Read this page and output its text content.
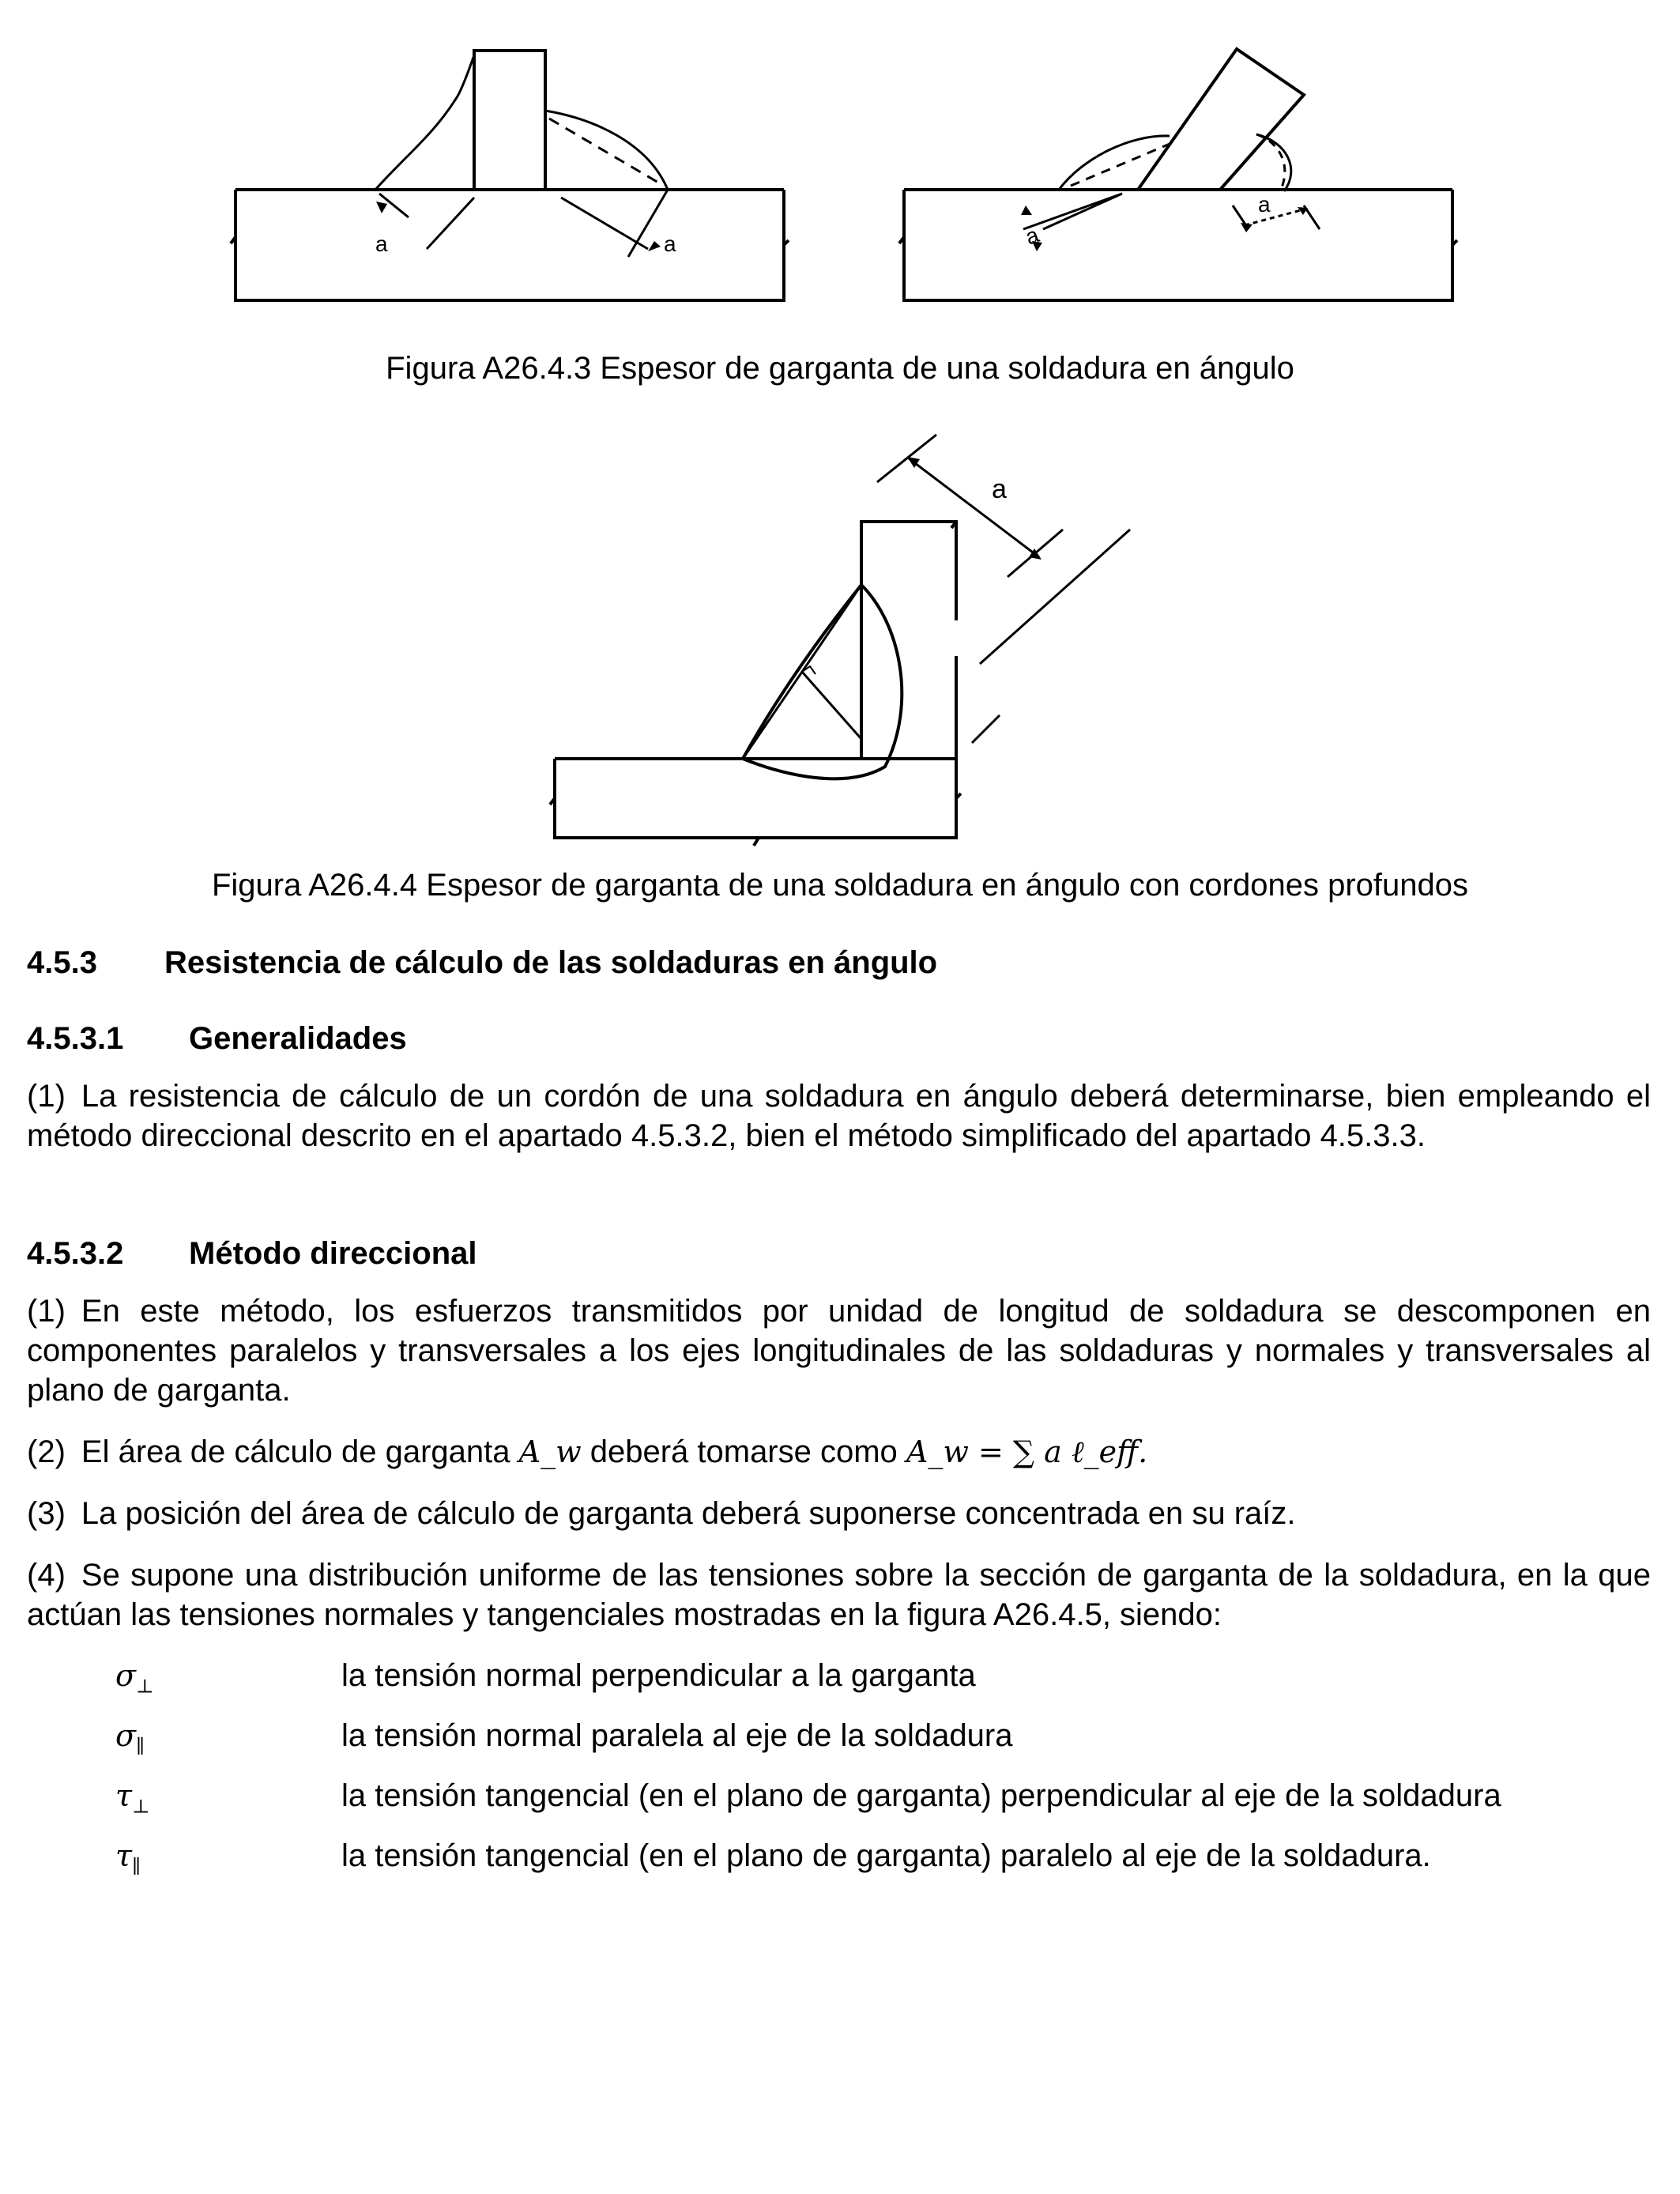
a	a	a
a
Figura A26.4.3 Espesor de garganta de una soldadura en ángulo
a
Figura A26.4.4 Espesor de garganta de una soldadura en ángulo con cordones profundos
4.5.3 Resistencia de cálculo de las soldaduras en ángulo
4.5.3.1 Generalidades
(1) La resistencia de cálculo de un cordón de una soldadura en ángulo deberá determinarse, bien empleando el método direccional descrito en el apartado 4.5.3.2, bien el método simplificado del apartado 4.5.3.3.
4.5.3.2 Método direccional
(1) En este método, los esfuerzos transmitidos por unidad de longitud de soldadura se descomponen en componentes paralelos y transversales a los ejes longitudinales de las soldaduras y normales y transversales al plano de garganta.
(2) El área de cálculo de garganta A_w deberá tomarse como A_w = ∑ a ℓ_eff.
(3) La posición del área de cálculo de garganta deberá suponerse concentrada en su raíz.
(4) Se supone una distribución uniforme de las tensiones sobre la sección de garganta de la soldadura, en la que actúan las tensiones normales y tangenciales mostradas en la figura A26.4.5, siendo:
$\sigma_\perp$	la tensión normal perpendicular a la garganta
$\sigma_\parallel$	la tensión normal paralela al eje de la soldadura
$\tau_\perp$	la tensión tangencial (en el plano de garganta) perpendicular al eje de la soldadura
$\tau_\parallel$	la tensión tangencial (en el plano de garganta) paralelo al eje de la soldadura.
